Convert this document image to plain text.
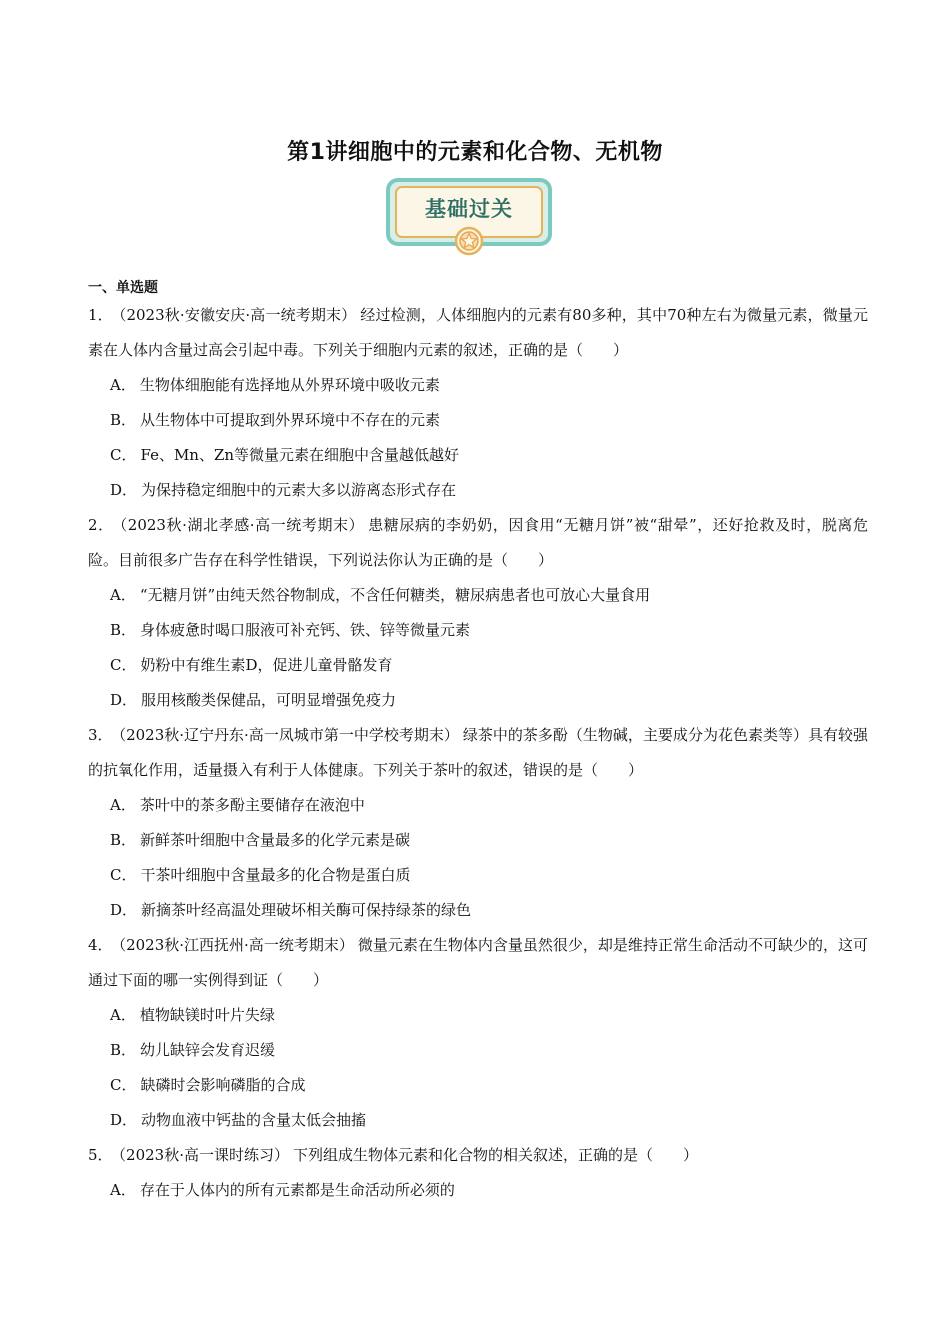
第1讲细胞中的元素和化合物、无机物
基础过关
一、单选题

1． （2023秋·安徽安庆·高一统考期末） 经过检测，人体细胞内的元素有80多种，其中70种左右为微量元素，微量元素在人体内含量过高会引起中毒。下列关于细胞内元素的叙述，正确的是（　　）

A． 生物体细胞能有选择地从外界环境中吸收元素

B． 从生物体中可提取到外界环境中不存在的元素

C． Fe、Mn、Zn等微量元素在细胞中含量越低越好

D． 为保持稳定细胞中的元素大多以游离态形式存在

2． （2023秋·湖北孝感·高一统考期末） 患糖尿病的李奶奶，因食用“无糖月饼”被“甜晕”，还好抢救及时，脱离危险。目前很多广告存在科学性错误，下列说法你认为正确的是（　　）

A． “无糖月饼”由纯天然谷物制成，不含任何糖类，糖尿病患者也可放心大量食用

B． 身体疲惫时喝口服液可补充钙、铁、锌等微量元素

C． 奶粉中有维生素D，促进儿童骨骼发育

D． 服用核酸类保健品，可明显增强免疫力

3． （2023秋·辽宁丹东·高一凤城市第一中学校考期末） 绿茶中的茶多酚（生物碱，主要成分为花色素类等）具有较强的抗氧化作用，适量摄入有利于人体健康。下列关于茶叶的叙述，错误的是（　　）

A． 茶叶中的茶多酚主要储存在液泡中

B． 新鲜茶叶细胞中含量最多的化学元素是碳

C． 干茶叶细胞中含量最多的化合物是蛋白质

D． 新摘茶叶经高温处理破坏相关酶可保持绿茶的绿色

4． （2023秋·江西抚州·高一统考期末） 微量元素在生物体内含量虽然很少，却是维持正常生命活动不可缺少的，这可通过下面的哪一实例得到证（　　）

A． 植物缺镁时叶片失绿

B． 幼儿缺锌会发育迟缓

C． 缺磷时会影响磷脂的合成

D． 动物血液中钙盐的含量太低会抽搐

5． （2023秋·高一课时练习） 下列组成生物体元素和化合物的相关叙述，正确的是（　　）

A． 存在于人体内的所有元素都是生命活动所必须的
